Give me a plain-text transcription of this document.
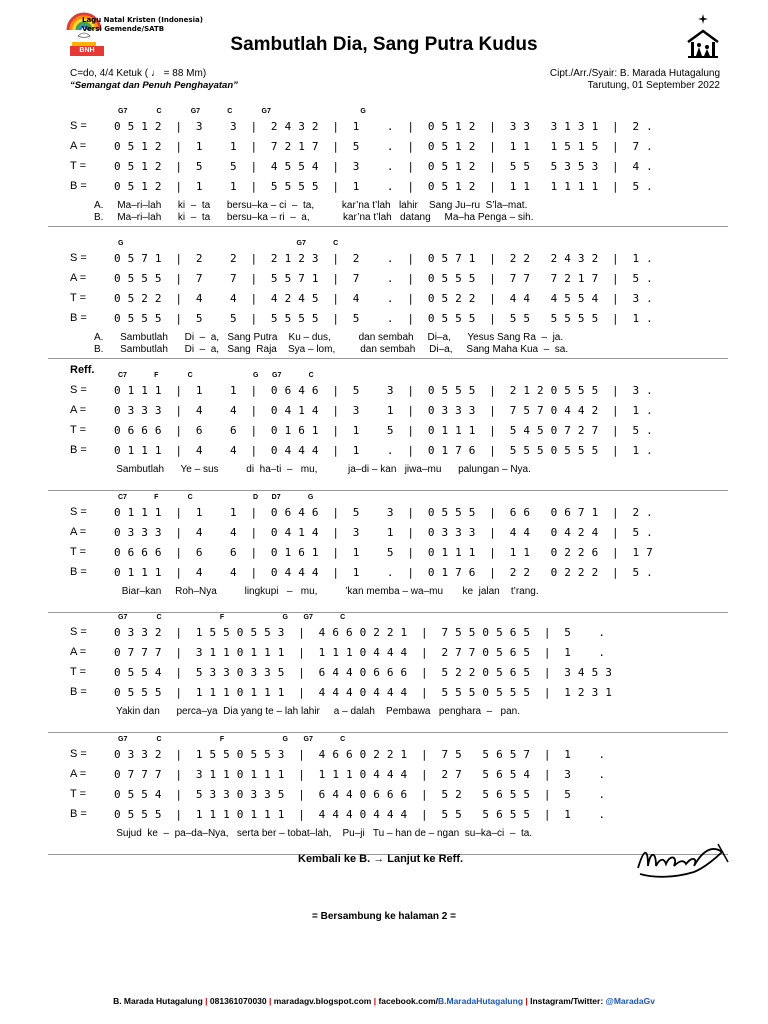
Lagu Natal Kristen (Indonesia)
Versi Gemende/SATB
BNH	Sambutlah Dia, Sang Putra Kudus
C=do, 4/4 Ketuk ( ♩ = 88 Mm)
“Semangat dan Penuh Penghayatan”
Cipt./Arr./Syair: B. Marada Hutagalung
Tarutung, 01 September 2022
G7               C               G7              C               G7                                              G
S =	0 5 1 2  |  3    3  |  2 4 3 2  |  1    .  |  0 5 1 2  |  3 3   3 1 3 1  |  2 .
A =	0 5 1 2  |  1    1  |  7 2 1 7  |  5    .  |  0 5 1 2  |  1 1   1 5 1 5  |  7 .
T =	0 5 1 2  |  5    5  |  4 5 5 4  |  3    .  |  0 5 1 2  |  5 5   5 3 5 3  |  4 .
B =	0 5 1 2  |  1    1  |  5 5 5 5  |  1    .  |  0 5 1 2  |  1 1   1 1 1 1  |  5 .
A.     Ma–ri–lah      ki  –  ta      bersu–ka – ci  –  ta,          kar’na t’lah   lahir    Sang Ju–ru  S’la–mat.
B.     Ma–ri–lah      ki  –  ta      bersu–ka – ri  –  a,            kar’na t’lah   datang     Ma–ha Penga – sih.
G                                                                                         G7              C
S =	0 5 7 1  |  2    2  |  2 1 2 3  |  2    .  |  0 5 7 1  |  2 2   2 4 3 2  |  1 .
A =	0 5 5 5  |  7    7  |  5 5 7 1  |  7    .  |  0 5 5 5  |  7 7   7 2 1 7  |  5 .
T =	0 5 2 2  |  4    4  |  4 2 4 5  |  4    .  |  0 5 2 2  |  4 4   4 5 5 4  |  3 .
B =	0 5 5 5  |  5    5  |  5 5 5 5  |  5    .  |  0 5 5 5  |  5 5   5 5 5 5  |  1 .
A.      Sambutlah      Di  –  a,   Sang Putra    Ku – dus,          dan sembah     Di–a,      Yesus Sang Ra  –  ja.
B.      Sambutlah      Di  –  a,   Sang  Raja    Sya – lom,         dan sembah     Di–a,     Sang Maha Kua  –  sa.
Reff.	C7              F               C                               G       G7              C
S =	0 1 1 1  |  1    1  |  0 6 4 6  |  5    3  |  0 5 5 5  |  2 1 2 0 5 5 5  |  3 .
A =	0 3 3 3  |  4    4  |  0 4 1 4  |  3    1  |  0 3 3 3  |  7 5 7 0 4 4 2  |  1 .
T =	0 6 6 6  |  6    6  |  0 1 6 1  |  1    5  |  0 1 1 1  |  5 4 5 0 7 2 7  |  5 .
B =	0 1 1 1  |  4    4  |  0 4 4 4  |  1    .  |  0 1 7 6  |  5 5 5 0 5 5 5  |  1 .
Sambutlah      Ye – sus          di  ha–ti  –   mu,           ja–di – kan   jiwa–mu      palungan – Nya.
C7              F               C                               D       D7              G
S =	0 1 1 1  |  1    1  |  0 6 4 6  |  5    3  |  0 5 5 5  |  6 6   0 6 7 1  |  2 .
A =	0 3 3 3  |  4    4  |  0 4 1 4  |  3    1  |  0 3 3 3  |  4 4   0 4 2 4  |  5 .
T =	0 6 6 6  |  6    6  |  0 1 6 1  |  1    5  |  0 1 1 1  |  1 1   0 2 2 6  |  1 7
B =	0 1 1 1  |  4    4  |  0 4 4 4  |  1    .  |  0 1 7 6  |  2 2   0 2 2 2  |  5 .
Biar–kan     Roh–Nya          lingkupi   –   mu,          ’kan memba – wa–mu       ke  jalan    t’rang.
G7               C                              F                              G        G7              C
S =	0 3 3 2  |  1 5 5 0 5 5 3  |  4 6 6 0 2 2 1  |  7 5 5 0 5 6 5  |  5    .
A =	0 7 7 7  |  3 1 1 0 1 1 1  |  1 1 1 0 4 4 4  |  2 7 7 0 5 6 5  |  1    .
T =	0 5 5 4  |  5 3 3 0 3 3 5  |  6 4 4 0 6 6 6  |  5 2 2 0 5 6 5  |  3 4 5 3
B =	0 5 5 5  |  1 1 1 0 1 1 1  |  4 4 4 0 4 4 4  |  5 5 5 0 5 5 5  |  1 2 3 1
Yakin dan      perca–ya  Dia yang te – lah lahir     a – dalah    Pembawa   penghara  –   pan.
G7               C                              F                              G        G7              C
S =	0 3 3 2  |  1 5 5 0 5 5 3  |  4 6 6 0 2 2 1  |  7 5   5 6 5 7  |  1    .
A =	0 7 7 7  |  3 1 1 0 1 1 1  |  1 1 1 0 4 4 4  |  2 7   5 6 5 4  |  3    .
T =	0 5 5 4  |  5 3 3 0 3 3 5  |  6 4 4 0 6 6 6  |  5 2   5 6 5 5  |  5    .
B =	0 5 5 5  |  1 1 1 0 1 1 1  |  4 4 4 0 4 4 4  |  5 5   5 6 5 5  |  1    .
Sujud  ke  –  pa–da–Nya,   serta ber – tobat–lah,    Pu–ji   Tu – han de – ngan  su–ka–ci  –  ta.
Kembali ke B. → Lanjut ke Reff.
= Bersambung ke halaman 2 =
B. Marada Hutagalung | 081361070030 | maradagv.blogspot.com | facebook.com/B.MaradaHutagalung | Instagram/Twitter: @MaradaGv
